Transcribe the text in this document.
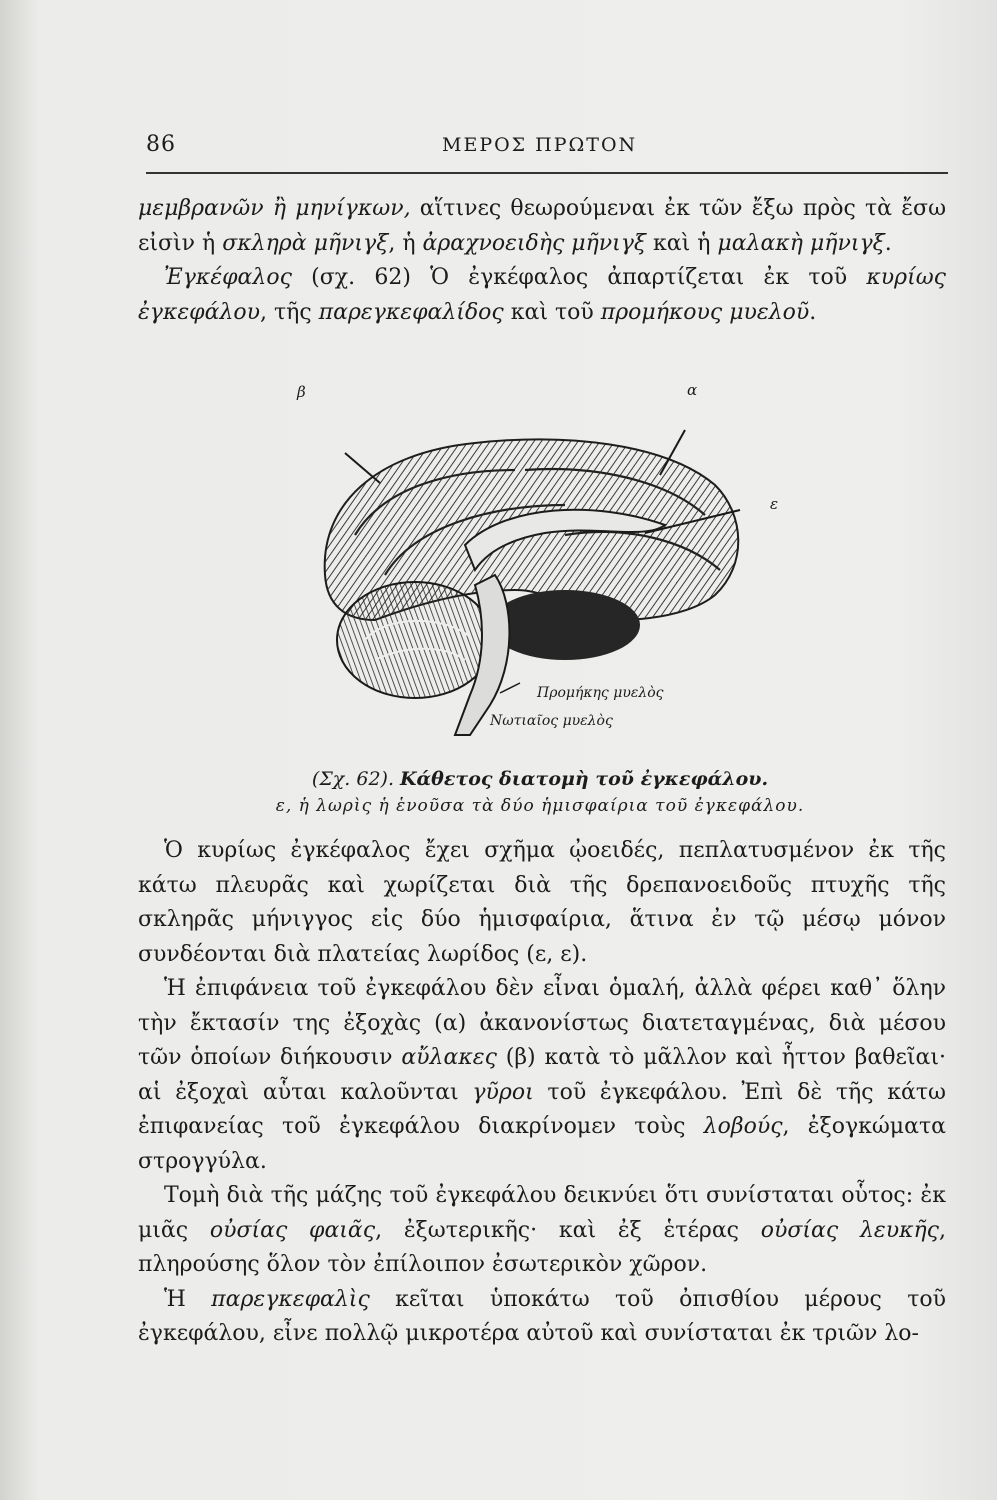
86	ΜΕΡΟΣ ΠΡΩΤΟΝ

μεμβρανῶν ἢ μηνίγκων, αἵτινες θεωρούμεναι ἐκ τῶν ἔξω πρὸς τὰ ἔσω εἰσὶν ἡ σκληρὰ μῆνιγξ, ἡ ἀραχνοειδὴς μῆνιγξ καὶ ἡ μαλακὴ μῆνιγξ.

Ἐγκέφαλος (σχ. 62) Ὁ ἐγκέφαλος ἀπαρτίζεται ἐκ τοῦ κυρίως ἐγκεφάλου, τῆς παρεγκεφαλίδος καὶ τοῦ προμήκους μυελοῦ.

β	α
ε
Προμήκης μυελὸς
Νωτιαῖος μυελὸς
(Σχ. 62). Κάθετος διατομὴ τοῦ ἐγκεφάλου.
ε, ἡ λωρὶς ἡ ἑνοῦσα τὰ δύο ἡμισφαίρια τοῦ ἐγκεφάλου.

Ὁ κυρίως ἐγκέφαλος ἔχει σχῆμα ᾠοειδές, πεπλατυσμένον ἐκ τῆς κάτω πλευρᾶς καὶ χωρίζεται διὰ τῆς δρεπανοειδοῦς πτυχῆς τῆς σκληρᾶς μήνιγγος εἰς δύο ἡμισφαίρια, ἅτινα ἐν τῷ μέσῳ μόνον συνδέονται διὰ πλατείας λωρίδος (ε, ε).

Ἡ ἐπιφάνεια τοῦ ἐγκεφάλου δὲν εἶναι ὁμαλή, ἀλλὰ φέρει καθ᾽ ὅλην τὴν ἔκτασίν της ἐξοχὰς (α) ἀκανονίστως διατεταγμένας, διὰ μέσου τῶν ὁποίων διήκουσιν αὔλακες (β) κατὰ τὸ μᾶλλον καὶ ἧττον βαθεῖαι· αἱ ἐξοχαὶ αὗται καλοῦνται γῦροι τοῦ ἐγκεφάλου. Ἐπὶ δὲ τῆς κάτω ἐπιφανείας τοῦ ἐγκεφάλου διακρίνομεν τοὺς λοβούς, ἐξογκώματα στρογγύλα.

Τομὴ διὰ τῆς μάζης τοῦ ἐγκεφάλου δεικνύει ὅτι συνίσταται οὗτος: ἐκ μιᾶς οὐσίας φαιᾶς, ἐξωτερικῆς· καὶ ἐξ ἑτέρας οὐσίας λευκῆς, πληρούσης ὅλον τὸν ἐπίλοιπον ἐσωτερικὸν χῶρον.

Ἡ παρεγκεφαλὶς κεῖται ὑποκάτω τοῦ ὀπισθίου μέρους τοῦ ἐγκεφάλου, εἶνε πολλῷ μικροτέρα αὐτοῦ καὶ συνίσταται ἐκ τριῶν λο-
